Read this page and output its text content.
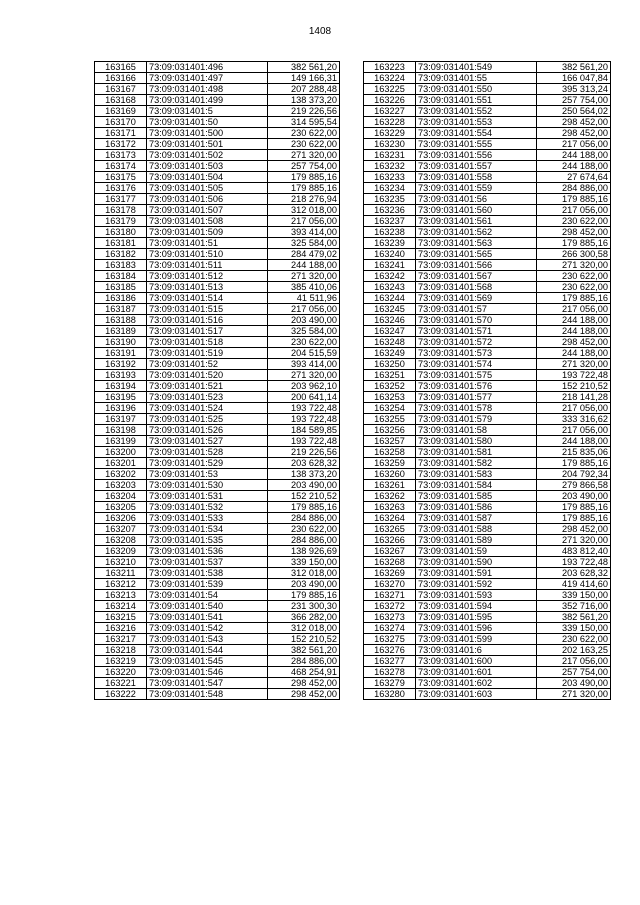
1408
163165	73:09:031401:496	382 561,20
163166	73:09:031401:497	149 166,31
163167	73:09:031401:498	207 288,48
163168	73:09:031401:499	138 373,20
163169	73:09:031401:5	219 226,56
163170	73:09:031401:50	314 595,54
163171	73:09:031401:500	230 622,00
163172	73:09:031401:501	230 622,00
163173	73:09:031401:502	271 320,00
163174	73:09:031401:503	257 754,00
163175	73:09:031401:504	179 885,16
163176	73:09:031401:505	179 885,16
163177	73:09:031401:506	218 276,94
163178	73:09:031401:507	312 018,00
163179	73:09:031401:508	217 056,00
163180	73:09:031401:509	393 414,00
163181	73:09:031401:51	325 584,00
163182	73:09:031401:510	284 479,02
163183	73:09:031401:511	244 188,00
163184	73:09:031401:512	271 320,00
163185	73:09:031401:513	385 410,06
163186	73:09:031401:514	41 511,96
163187	73:09:031401:515	217 056,00
163188	73:09:031401:516	203 490,00
163189	73:09:031401:517	325 584,00
163190	73:09:031401:518	230 622,00
163191	73:09:031401:519	204 515,59
163192	73:09:031401:52	393 414,00
163193	73:09:031401:520	271 320,00
163194	73:09:031401:521	203 962,10
163195	73:09:031401:523	200 641,14
163196	73:09:031401:524	193 722,48
163197	73:09:031401:525	193 722,48
163198	73:09:031401:526	184 589,85
163199	73:09:031401:527	193 722,48
163200	73:09:031401:528	219 226,56
163201	73:09:031401:529	203 628,32
163202	73:09:031401:53	138 373,20
163203	73:09:031401:530	203 490,00
163204	73:09:031401:531	152 210,52
163205	73:09:031401:532	179 885,16
163206	73:09:031401:533	284 886,00
163207	73:09:031401:534	230 622,00
163208	73:09:031401:535	284 886,00
163209	73:09:031401:536	138 926,69
163210	73:09:031401:537	339 150,00
163211	73:09:031401:538	312 018,00
163212	73:09:031401:539	203 490,00
163213	73:09:031401:54	179 885,16
163214	73:09:031401:540	231 300,30
163215	73:09:031401:541	366 282,00
163216	73:09:031401:542	312 018,00
163217	73:09:031401:543	152 210,52
163218	73:09:031401:544	382 561,20
163219	73:09:031401:545	284 886,00
163220	73:09:031401:546	468 254,91
163221	73:09:031401:547	298 452,00
163222	73:09:031401:548	298 452,00
163223	73:09:031401:549	382 561,20
163224	73:09:031401:55	166 047,84
163225	73:09:031401:550	395 313,24
163226	73:09:031401:551	257 754,00
163227	73:09:031401:552	250 564,02
163228	73:09:031401:553	298 452,00
163229	73:09:031401:554	298 452,00
163230	73:09:031401:555	217 056,00
163231	73:09:031401:556	244 188,00
163232	73:09:031401:557	244 188,00
163233	73:09:031401:558	27 674,64
163234	73:09:031401:559	284 886,00
163235	73:09:031401:56	179 885,16
163236	73:09:031401:560	217 056,00
163237	73:09:031401:561	230 622,00
163238	73:09:031401:562	298 452,00
163239	73:09:031401:563	179 885,16
163240	73:09:031401:565	266 300,58
163241	73:09:031401:566	271 320,00
163242	73:09:031401:567	230 622,00
163243	73:09:031401:568	230 622,00
163244	73:09:031401:569	179 885,16
163245	73:09:031401:57	217 056,00
163246	73:09:031401:570	244 188,00
163247	73:09:031401:571	244 188,00
163248	73:09:031401:572	298 452,00
163249	73:09:031401:573	244 188,00
163250	73:09:031401:574	271 320,00
163251	73:09:031401:575	193 722,48
163252	73:09:031401:576	152 210,52
163253	73:09:031401:577	218 141,28
163254	73:09:031401:578	217 056,00
163255	73:09:031401:579	333 316,62
163256	73:09:031401:58	217 056,00
163257	73:09:031401:580	244 188,00
163258	73:09:031401:581	215 835,06
163259	73:09:031401:582	179 885,16
163260	73:09:031401:583	204 792,34
163261	73:09:031401:584	279 866,58
163262	73:09:031401:585	203 490,00
163263	73:09:031401:586	179 885,16
163264	73:09:031401:587	179 885,16
163265	73:09:031401:588	298 452,00
163266	73:09:031401:589	271 320,00
163267	73:09:031401:59	483 812,40
163268	73:09:031401:590	193 722,48
163269	73:09:031401:591	203 628,32
163270	73:09:031401:592	419 414,60
163271	73:09:031401:593	339 150,00
163272	73:09:031401:594	352 716,00
163273	73:09:031401:595	382 561,20
163274	73:09:031401:596	339 150,00
163275	73:09:031401:599	230 622,00
163276	73:09:031401:6	202 163,25
163277	73:09:031401:600	217 056,00
163278	73:09:031401:601	257 754,00
163279	73:09:031401:602	203 490,00
163280	73:09:031401:603	271 320,00
